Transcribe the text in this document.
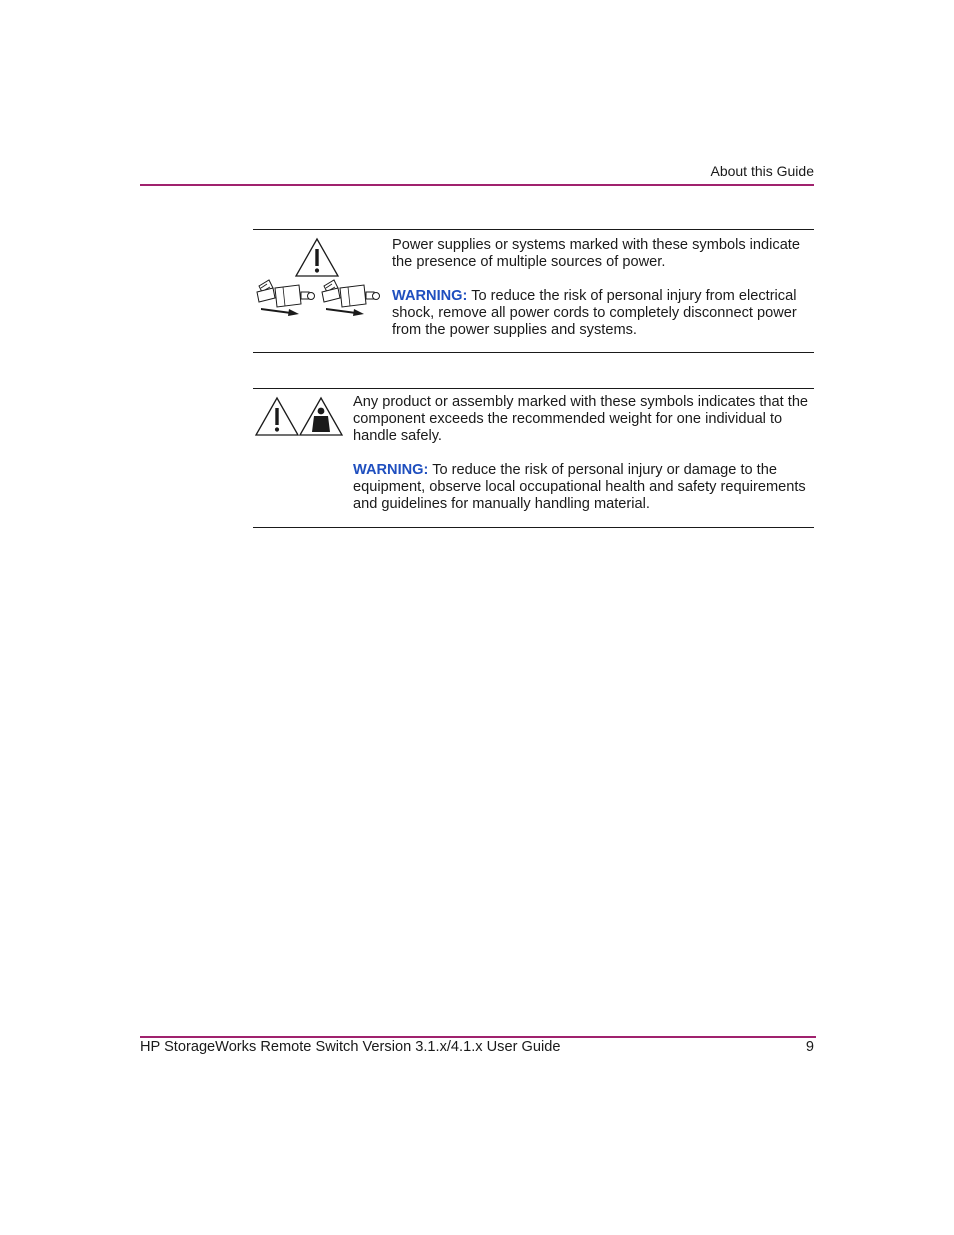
About this Guide

Power supplies or systems marked with these symbols indicate the presence of multiple sources of power.

WARNING: To reduce the risk of personal injury from electrical shock, remove all power cords to completely disconnect power from the power supplies and systems.

Any product or assembly marked with these symbols indicates that the component exceeds the recommended weight for one individual to handle safely.

WARNING: To reduce the risk of personal injury or damage to the equipment, observe local occupational health and safety requirements and guidelines for manually handling material.

HP StorageWorks Remote Switch Version 3.1.x/4.1.x User Guide	9
